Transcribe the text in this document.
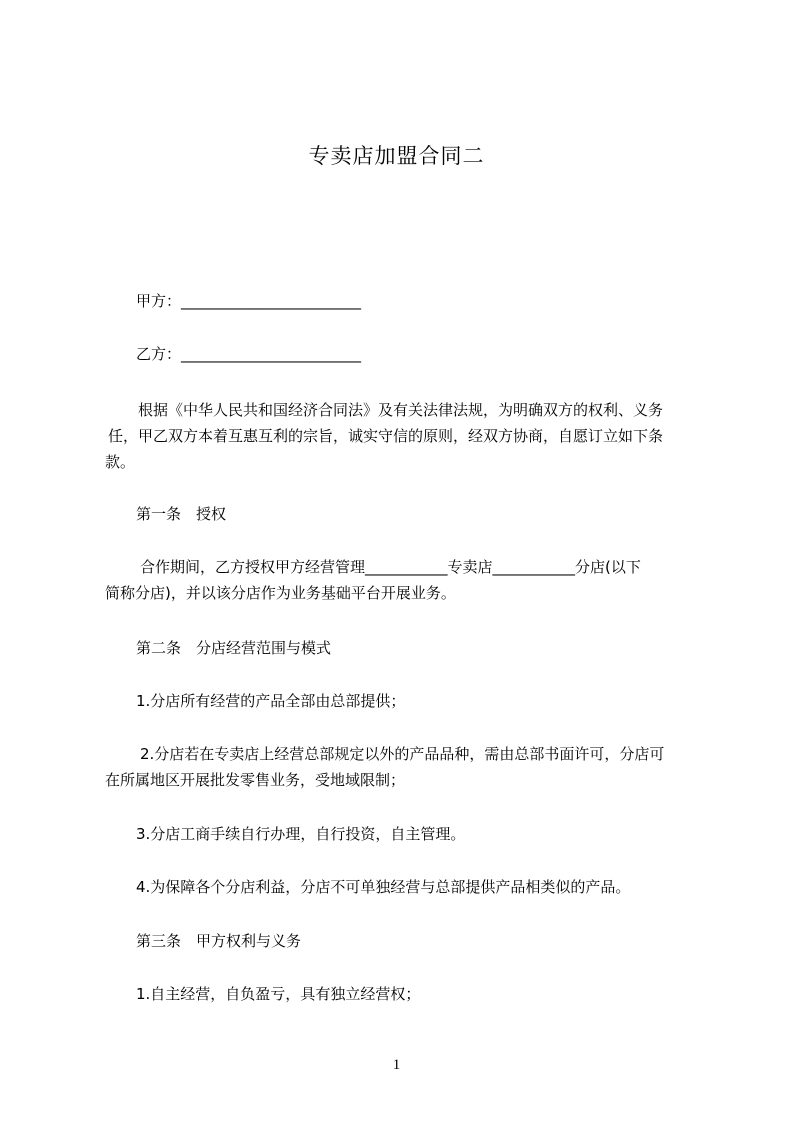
专卖店加盟合同二
甲方：________________________
乙方：________________________
根据《中华人民共和国经济合同法》及有关法律法规，为明确双方的权利、义务
任，甲乙双方本着互惠互利的宗旨，诚实守信的原则，经双方协商，自愿订立如下条
款。
第一条　授权
合作期间，乙方授权甲方经营管理___________专卖店___________分店(以下
简称分店)，并以该分店作为业务基础平台开展业务。
第二条　分店经营范围与模式
1.分店所有经营的产品全部由总部提供；
2.分店若在专卖店上经营总部规定以外的产品品种，需由总部书面许可，分店可
在所属地区开展批发零售业务，受地域限制；
3.分店工商手续自行办理，自行投资，自主管理。
4.为保障各个分店利益，分店不可单独经营与总部提供产品相类似的产品。
第三条　甲方权利与义务
1.自主经营，自负盈亏，具有独立经营权；
1
